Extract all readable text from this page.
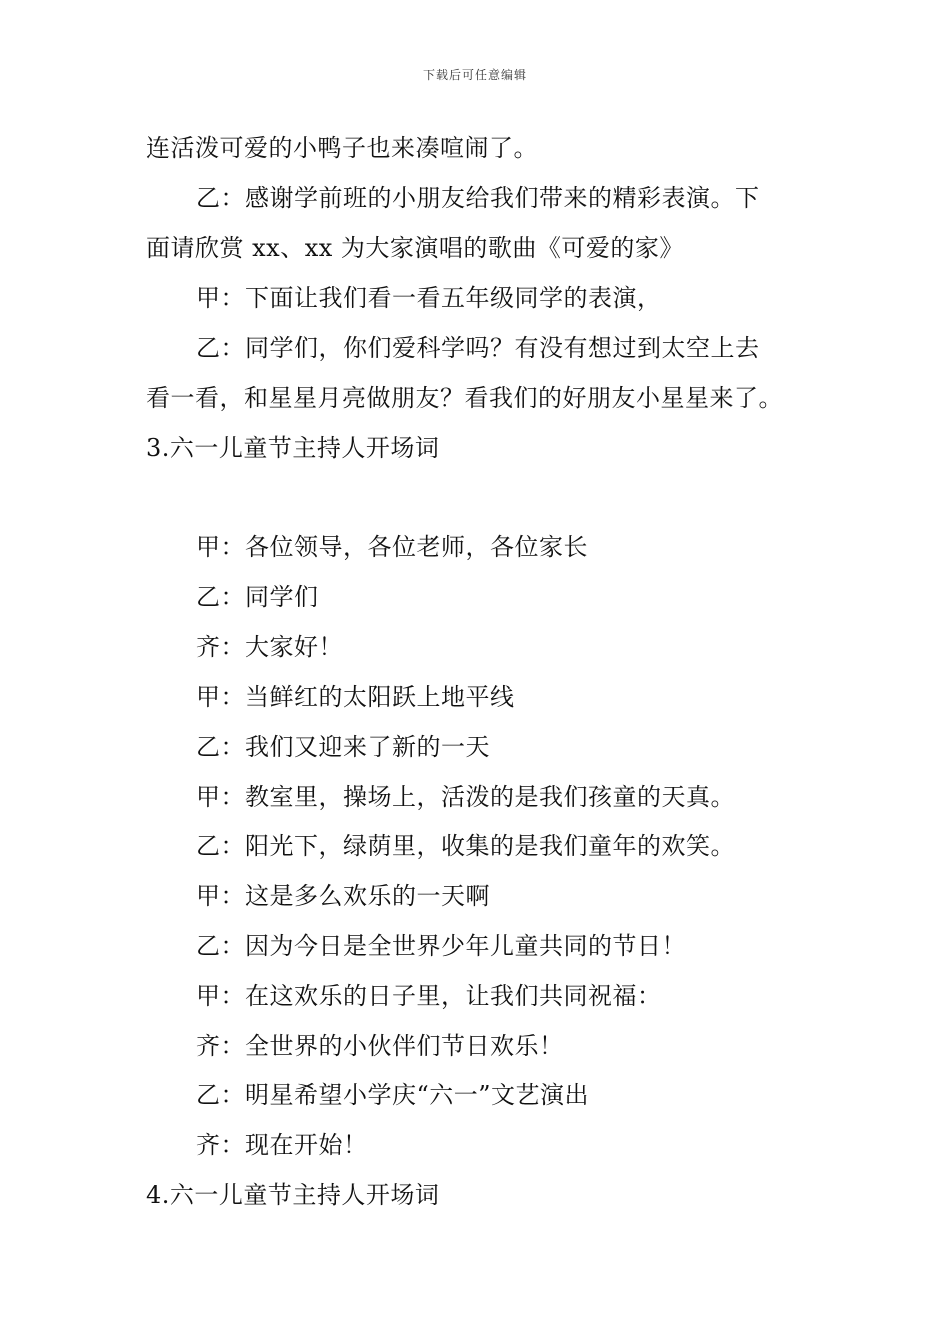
下载后可任意编辑
连活泼可爱的小鸭子也来凑喧闹了。
乙：感谢学前班的小朋友给我们带来的精彩表演。下
面请欣赏 xx、xx 为大家演唱的歌曲《可爱的家》
甲：下面让我们看一看五年级同学的表演，
乙：同学们，你们爱科学吗？有没有想过到太空上去
看一看，和星星月亮做朋友？看我们的好朋友小星星来了。
3.六一儿童节主持人开场词
甲：各位领导，各位老师，各位家长
乙：同学们
齐：大家好！
甲：当鲜红的太阳跃上地平线
乙：我们又迎来了新的一天
甲：教室里，操场上，活泼的是我们孩童的天真。
乙：阳光下，绿荫里，收集的是我们童年的欢笑。
甲：这是多么欢乐的一天啊
乙：因为今日是全世界少年儿童共同的节日！
甲：在这欢乐的日子里，让我们共同祝福：
齐：全世界的小伙伴们节日欢乐！
乙：明星希望小学庆“六一”文艺演出
齐：现在开始！
4.六一儿童节主持人开场词
